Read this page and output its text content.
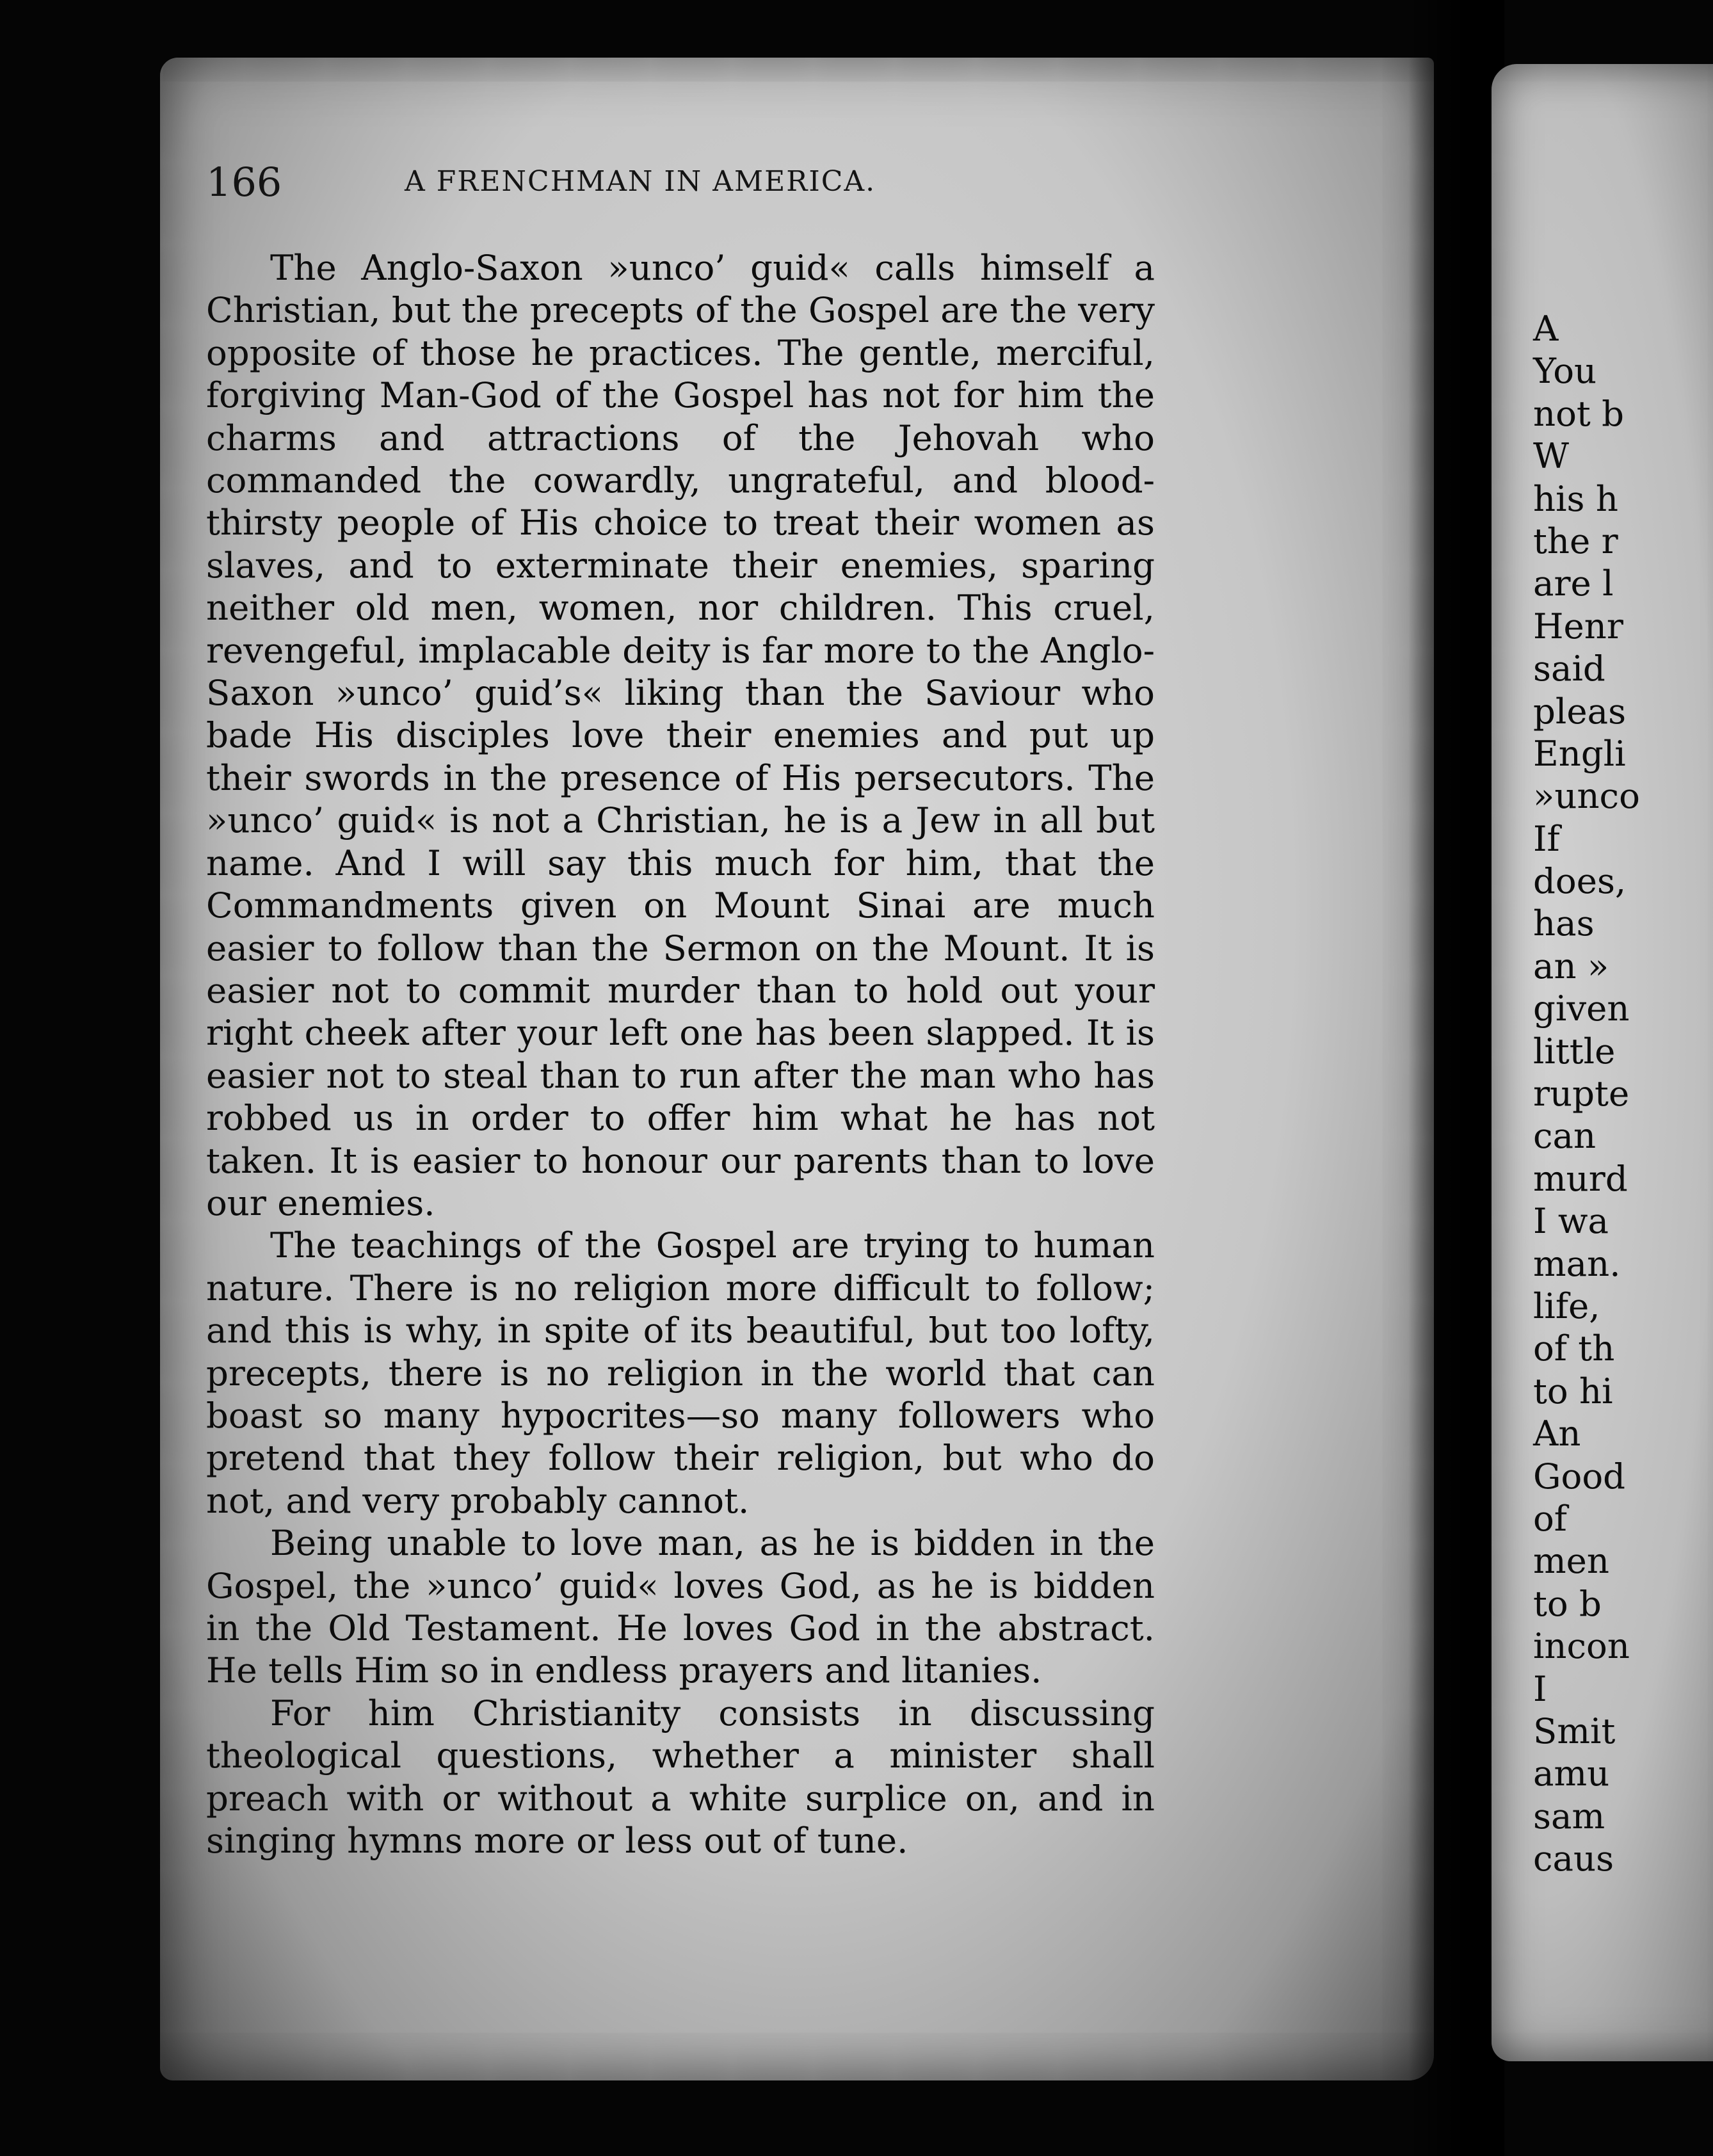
166	A FRENCHMAN IN AMERICA.

The Anglo-Saxon »unco’ guid« calls himself a Christian, but the precepts of the Gospel are the very opposite of those he practices. The gentle, merciful, forgiving Man-God of the Gospel has not for him the charms and attractions of the Jehovah who commanded the cowardly, ungrateful, and blood-thirsty people of His choice to treat their women as slaves, and to exterminate their enemies, sparing neither old men, women, nor children. This cruel, revengeful, implacable deity is far more to the Anglo-Saxon »unco’ guid’s« liking than the Saviour who bade His disciples love their enemies and put up their swords in the presence of His persecutors. The »unco’ guid« is not a Christian, he is a Jew in all but name. And I will say this much for him, that the Commandments given on Mount Sinai are much easier to follow than the Sermon on the Mount. It is easier not to commit murder than to hold out your right cheek after your left one has been slapped. It is easier not to steal than to run after the man who has robbed us in order to offer him what he has not taken. It is easier to honour our parents than to love our enemies.

The teachings of the Gospel are trying to human nature. There is no religion more difficult to follow; and this is why, in spite of its beautiful, but too lofty, precepts, there is no religion in the world that can boast so many hypocrites—so many followers who pretend that they follow their religion, but who do not, and very probably cannot.

Being unable to love man, as he is bidden in the Gospel, the »unco’ guid« loves God, as he is bidden in the Old Testament. He loves God in the abstract. He tells Him so in endless prayers and litanies.

For him Christianity consists in discussing theological questions, whether a minister shall preach with or without a white surplice on, and in singing hymns more or less out of tune.

A
You
not b
W
his h
the r
are l
Henr
said
pleas
Engli
»unco
If
does,
has
an »
given
little
rupte
can
murd
I wa
man.
life,
of th
to hi
An
Good
of
men
to b
incon
I
Smit
amu
sam
caus
